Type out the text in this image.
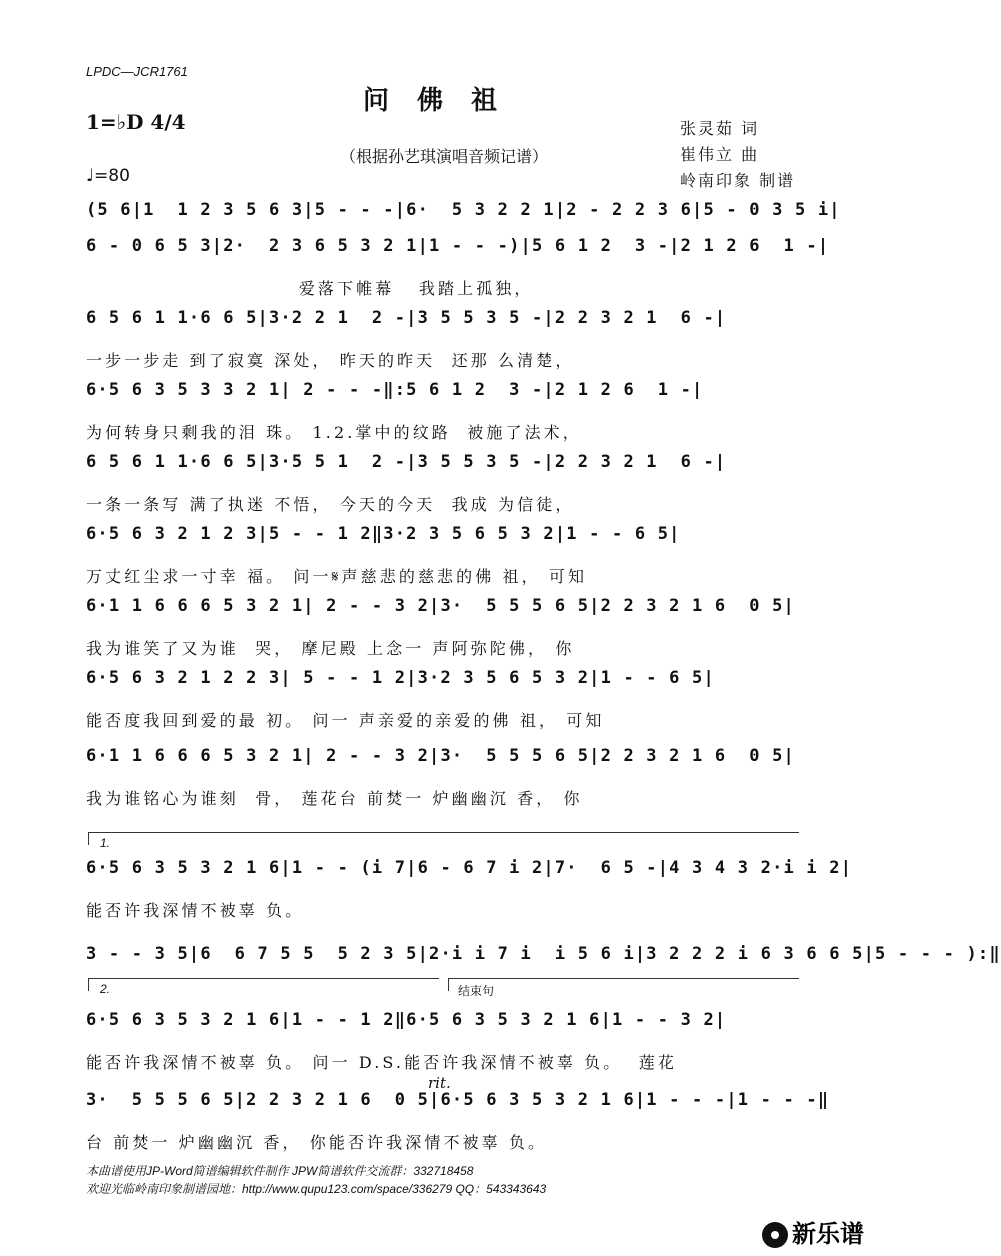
LPDC—JCR1761
问佛祖
1=♭D 4/4
（根据孙艺琪演唱音频记谱）
♩=80
张灵茹 词
崔伟立 曲
岭南印象 制谱
(5 6|1  1 2 3 5 6 3|5 - - -|6·  5 3 2 2 1|2 - 2 2 3 6|5 - 0 3 5 i|
6 - 0 6 5 3|2·  2 3 6 5 3 2 1|1 - - -)|5 6 1 2  3 -|2 1 2 6  1 -|
爱落下帷幕   我踏上孤独，
6 5 6 1 1·6 6 5|3·2 2 1  2 -|3 5 5 3 5 -|2 2 3 2 1  6 -|
一步一步走 到了寂寞 深处， 昨天的昨天  还那 么清楚，
6·5 6 3 5 3 3 2 1| 2 - - -‖:5 6 1 2  3 -|2 1 2 6  1 -|
为何转身只剩我的泪 珠。 1.2.掌中的纹路  被施了法术，
6 5 6 1 1·6 6 5|3·5 5 1  2 -|3 5 5 3 5 -|2 2 3 2 1  6 -|
一条一条写 满了执迷 不悟， 今天的今天  我成 为信徒，
6·5 6 3 2 1 2 3|5 - - 1 2‖3·2 3 5 6 5 3 2|1 - - 6 5|
万丈红尘求一寸幸 福。 问一𝄋声慈悲的慈悲的佛 祖， 可知
6·1 1 6 6 6 5 3 2 1| 2 - - 3 2|3·  5 5 5 6 5|2 2 3 2 1 6  0 5|
我为谁笑了又为谁  哭， 摩尼殿 上念一 声阿弥陀佛， 你
6·5 6 3 2 1 2 2 3| 5 - - 1 2|3·2 3 5 6 5 3 2|1 - - 6 5|
能否度我回到爱的最 初。 问一 声亲爱的亲爱的佛 祖， 可知
6·1 1 6 6 6 5 3 2 1| 2 - - 3 2|3·  5 5 5 6 5|2 2 3 2 1 6  0 5|
我为谁铭心为谁刻  骨， 莲花台 前焚一 炉幽幽沉 香， 你
6·5 6 3 5 3 2 1 6|1 - - (i 7|6 - 6 7 i 2|7·  6 5 -|4 3 4 3 2·i i 2|
能否许我深情不被辜 负。
3 - - 3 5|6  6 7 5 5  5 2 3 5|2·i i 7 i  i 5 6 i|3 2 2 2 i 6 3 6 6 5|5 - - - ):‖
6·5 6 3 5 3 2 1 6|1 - - 1 2‖6·5 6 3 5 3 2 1 6|1 - - 3 2|
能否许我深情不被辜 负。 问一 D.S.能否许我深情不被辜 负。  莲花
3·  5 5 5 6 5|2 2 3 2 1 6  0 5|6·5 6 3 5 3 2 1 6|1 - - -|1 - - -‖
台 前焚一 炉幽幽沉 香， 你能否许我深情不被辜 负。
1.
2.	结束句
rit.
本曲谱使用JP-Word简谱编辑软件制作 JPW简谱软件交流群：332718458
欢迎光临岭南印象制谱园地：http://www.qupu123.com/space/336279 QQ：543343643
新乐谱
